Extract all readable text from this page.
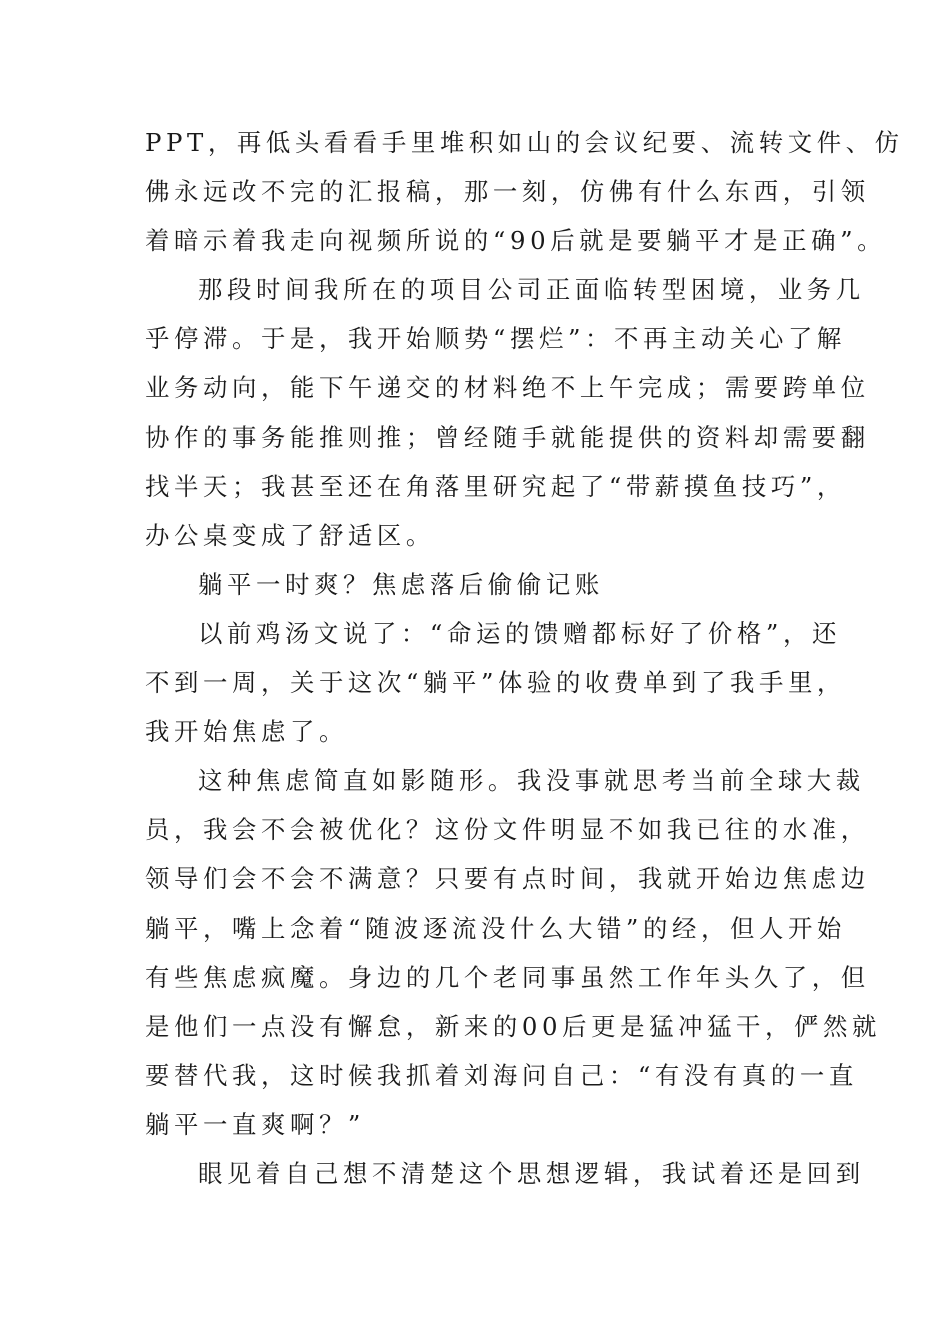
PPT，再低头看看手里堆积如山的会议纪要、流转文件、仿
佛永远改不完的汇报稿，那一刻，仿佛有什么东西，引领
着暗示着我走向视频所说的“90后就是要躺平才是正确”。
那段时间我所在的项目公司正面临转型困境，业务几
乎停滞。于是，我开始顺势“摆烂”：不再主动关心了解
业务动向，能下午递交的材料绝不上午完成；需要跨单位
协作的事务能推则推；曾经随手就能提供的资料却需要翻
找半天；我甚至还在角落里研究起了“带薪摸鱼技巧”，
办公桌变成了舒适区。
躺平一时爽？焦虑落后偷偷记账
以前鸡汤文说了：“命运的馈赠都标好了价格”，还
不到一周，关于这次“躺平”体验的收费单到了我手里，
我开始焦虑了。
这种焦虑简直如影随形。我没事就思考当前全球大裁
员，我会不会被优化？这份文件明显不如我已往的水准，
领导们会不会不满意？只要有点时间，我就开始边焦虑边
躺平，嘴上念着“随波逐流没什么大错”的经，但人开始
有些焦虑疯魔。身边的几个老同事虽然工作年头久了，但
是他们一点没有懈怠，新来的00后更是猛冲猛干，俨然就
要替代我，这时候我抓着刘海问自己：“有没有真的一直
躺平一直爽啊？”
眼见着自己想不清楚这个思想逻辑，我试着还是回到
